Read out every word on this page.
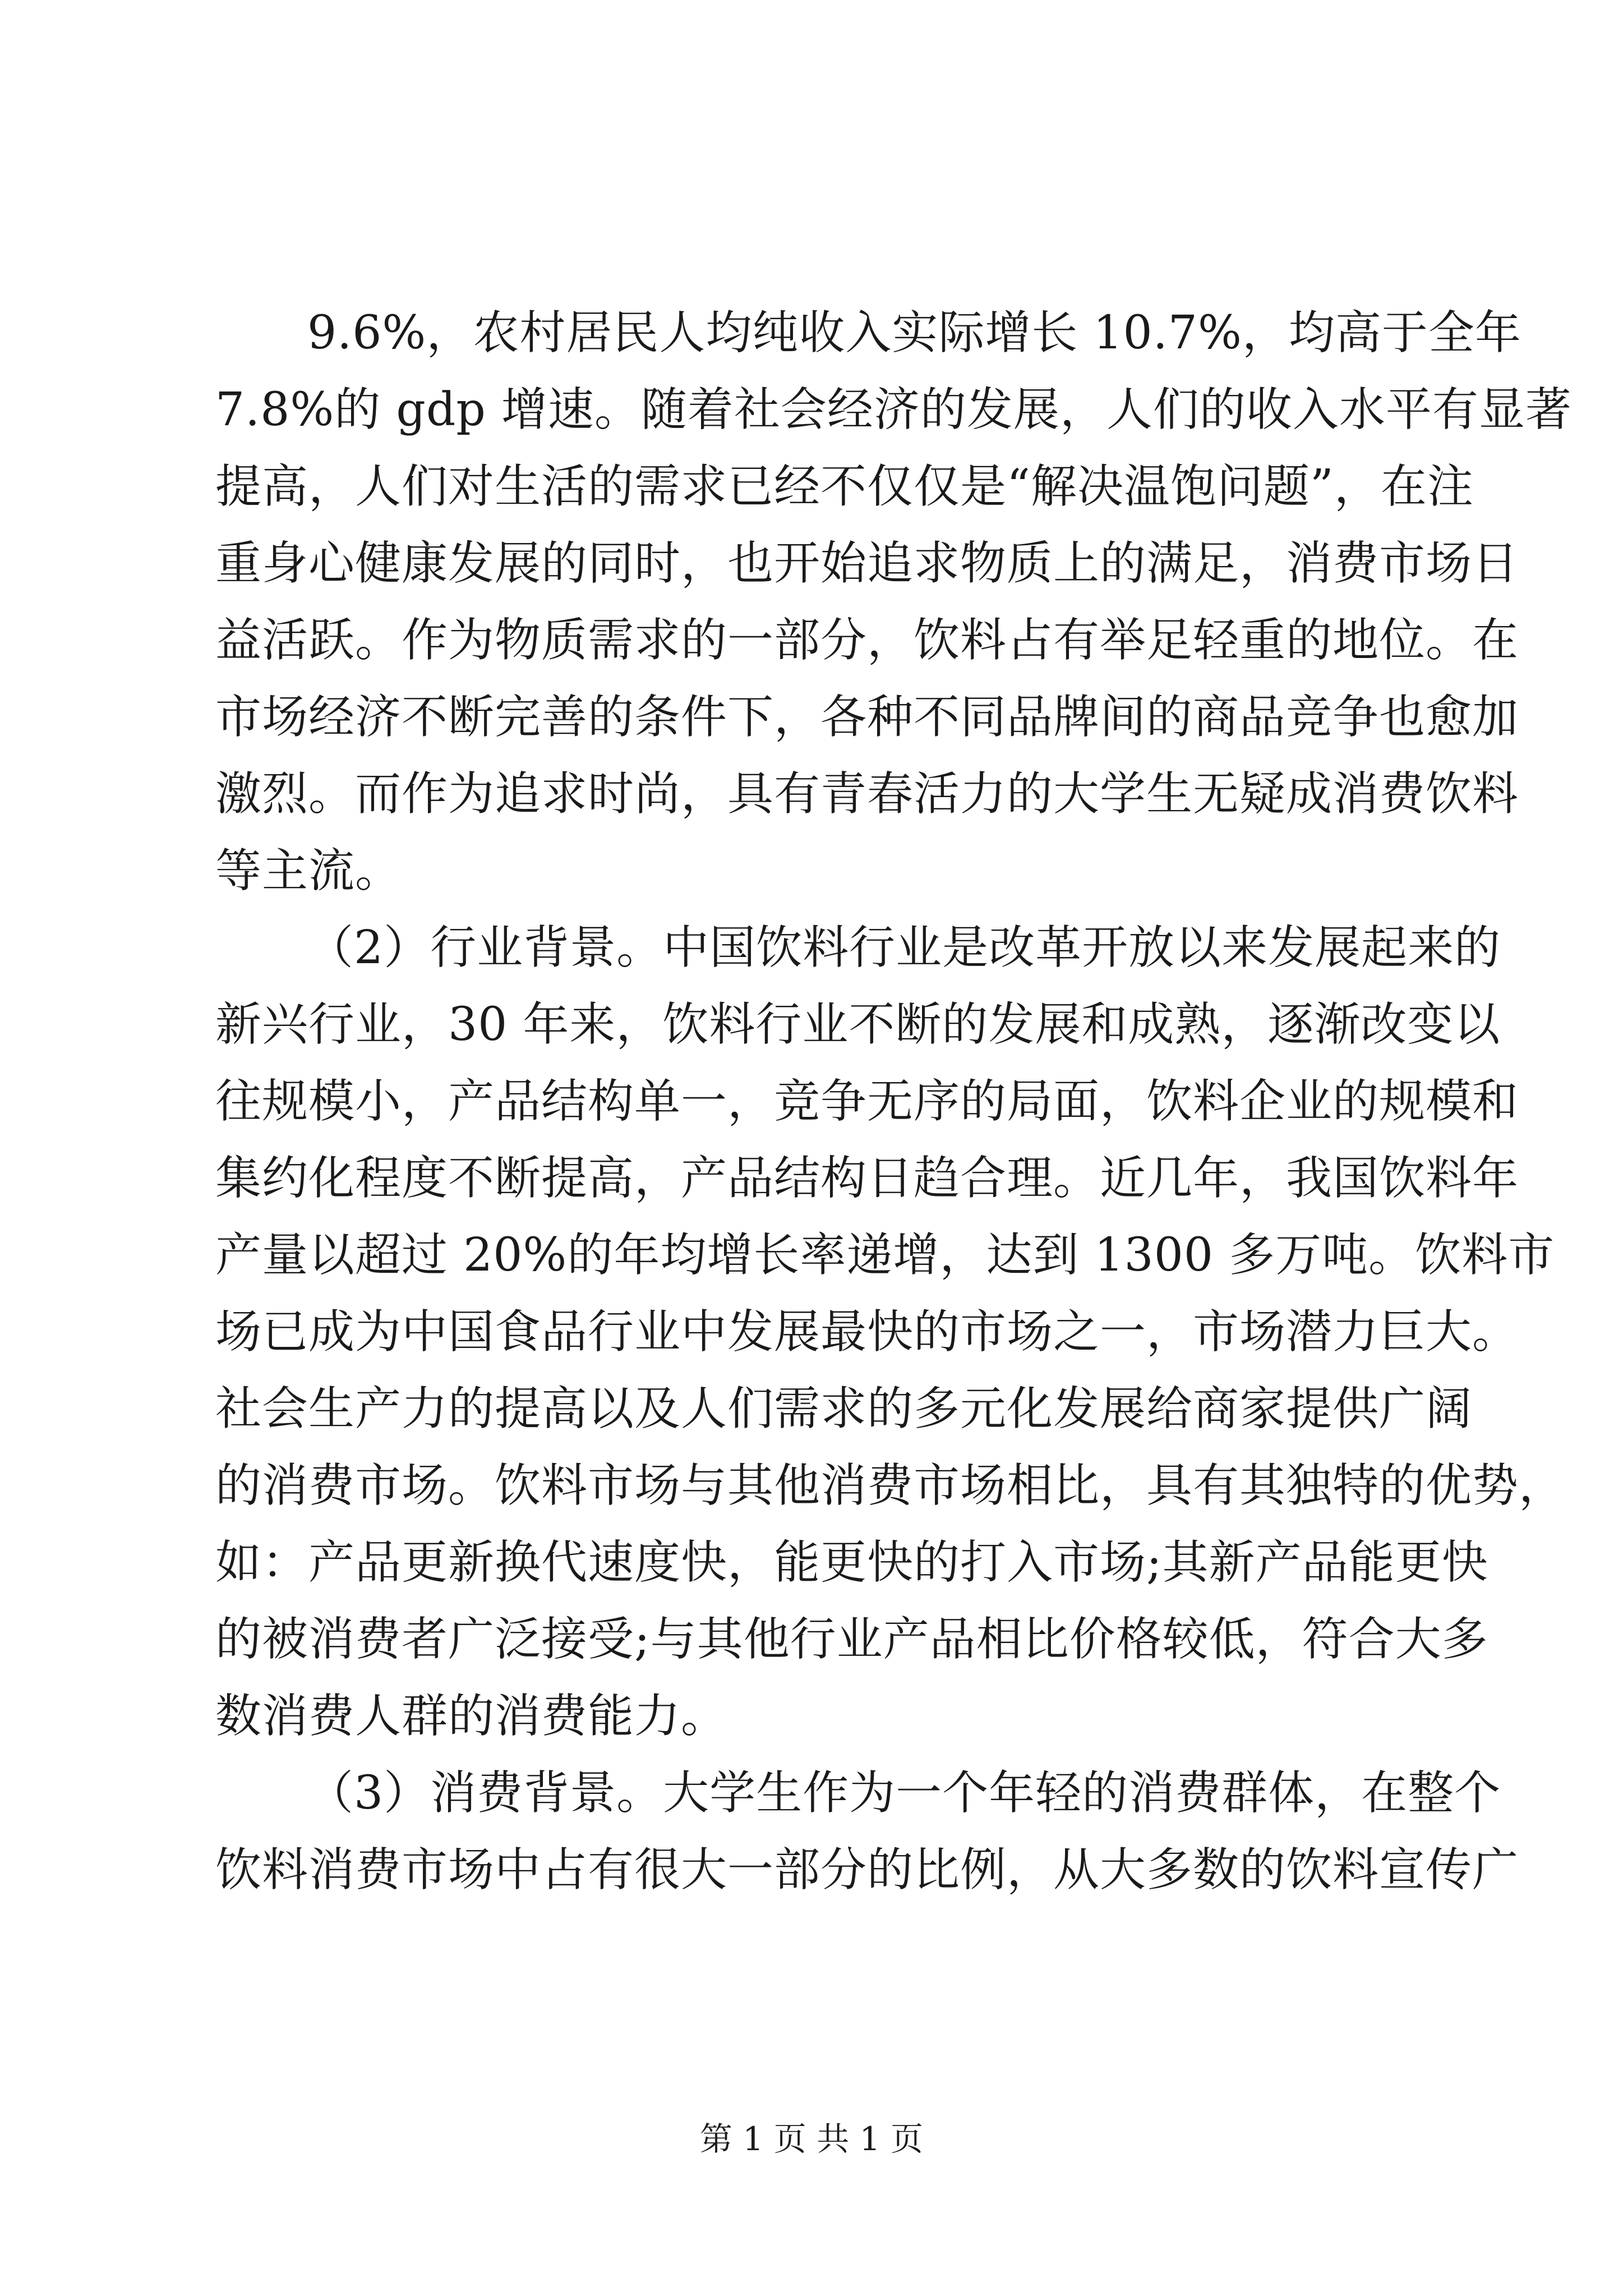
9.6%，农村居民人均纯收入实际增长 10.7%，均高于全年
7.8%的 gdp 增速。随着社会经济的发展，人们的收入水平有显著
提高，人们对生活的需求已经不仅仅是“解决温饱问题”，在注
重身心健康发展的同时，也开始追求物质上的满足，消费市场日
益活跃。作为物质需求的一部分，饮料占有举足轻重的地位。在
市场经济不断完善的条件下，各种不同品牌间的商品竞争也愈加
激烈。而作为追求时尚，具有青春活力的大学生无疑成消费饮料
等主流。

（2）行业背景。中国饮料行业是改革开放以来发展起来的
新兴行业，30 年来，饮料行业不断的发展和成熟，逐渐改变以
往规模小，产品结构单一，竞争无序的局面，饮料企业的规模和
集约化程度不断提高，产品结构日趋合理。近几年，我国饮料年
产量以超过 20%的年均增长率递增，达到 1300 多万吨。饮料市
场已成为中国食品行业中发展最快的市场之一，市场潜力巨大。
社会生产力的提高以及人们需求的多元化发展给商家提供广阔
的消费市场。饮料市场与其他消费市场相比，具有其独特的优势，
如：产品更新换代速度快，能更快的打入市场;其新产品能更快
的被消费者广泛接受;与其他行业产品相比价格较低，符合大多
数消费人群的消费能力。

（3）消费背景。大学生作为一个年轻的消费群体，在整个
饮料消费市场中占有很大一部分的比例，从大多数的饮料宣传广

第 1 页 共 1 页
